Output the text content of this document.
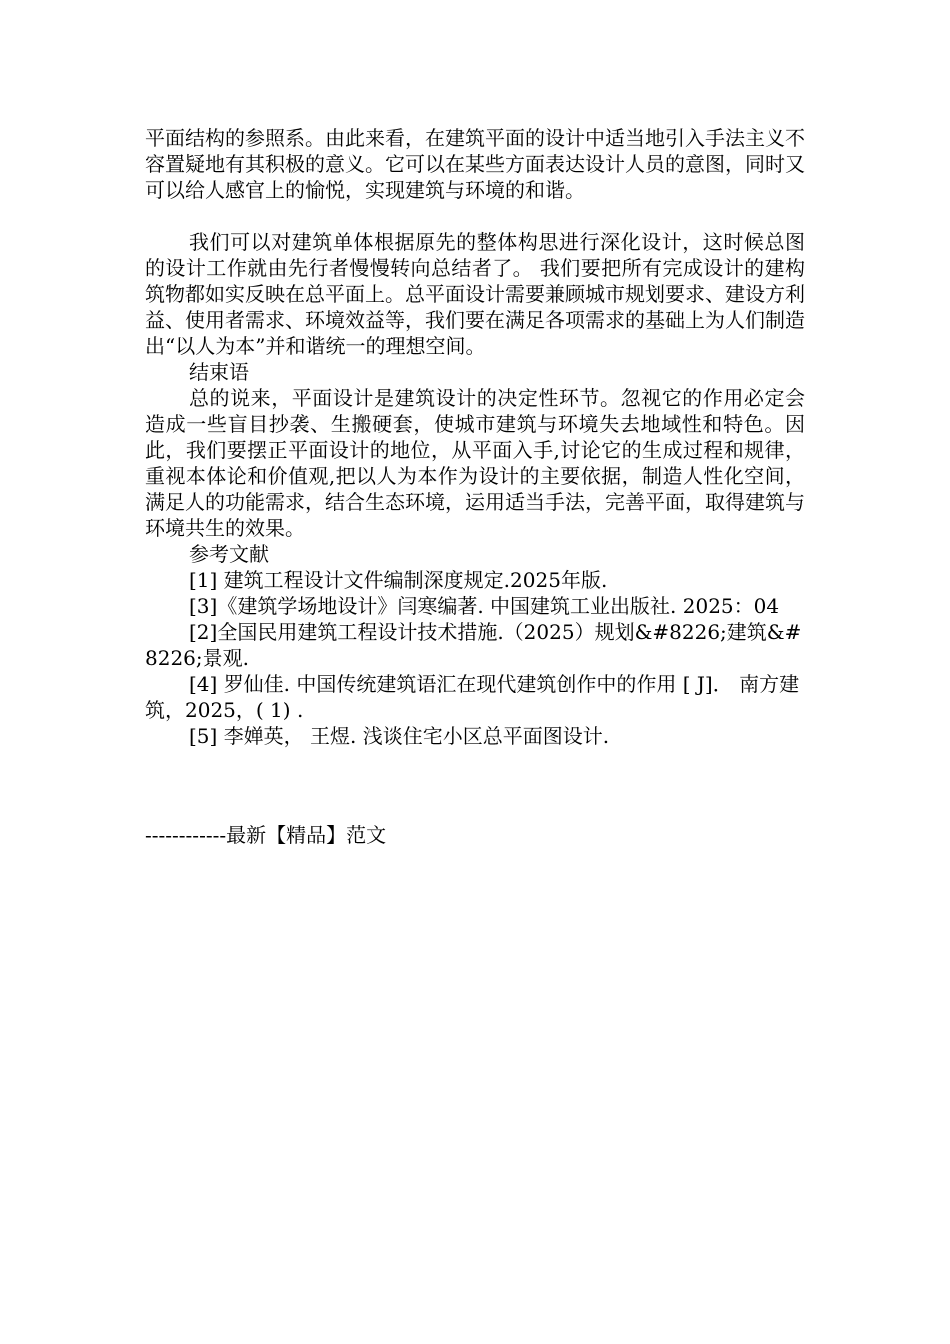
平面结构的参照系。由此来看，在建筑平面的设计中适当地引入手法主义不容置疑地有其积极的意义。它可以在某些方面表达设计人员的意图，同时又可以给人感官上的愉悦，实现建筑与环境的和谐。

我们可以对建筑单体根据原先的整体构思进行深化设计，这时候总图的设计工作就由先行者慢慢转向总结者了。 我们要把所有完成设计的建构筑物都如实反映在总平面上。总平面设计需要兼顾城市规划要求、建设方利益、使用者需求、环境效益等，我们要在满足各项需求的基础上为人们制造出“以人为本”并和谐统一的理想空间。

结束语

总的说来，平面设计是建筑设计的决定性环节。忽视它的作用必定会造成一些盲目抄袭、生搬硬套，使城市建筑与环境失去地域性和特色。因此，我们要摆正平面设计的地位，从平面入手,讨论它的生成过程和规律，重视本体论和价值观,把以人为本作为设计的主要依据，制造人性化空间，满足人的功能需求，结合生态环境，运用适当手法，完善平面，取得建筑与环境共生的效果。

参考文献

[1] 建筑工程设计文件编制深度规定.2025年版.

[3]《建筑学场地设计》闫寒编著. 中国建筑工业出版社. 2025：04

[2]全国民用建筑工程设计技术措施.（2025）规划&#8226;建筑&#8226;景观.

[4] 罗仙佳. 中国传统建筑语汇在现代建筑创作中的作用 [ J]． 南方建筑，2025，( 1) .

[5] 李婵英， 王煜. 浅谈住宅小区总平面图设计.

------------最新【精品】范文
